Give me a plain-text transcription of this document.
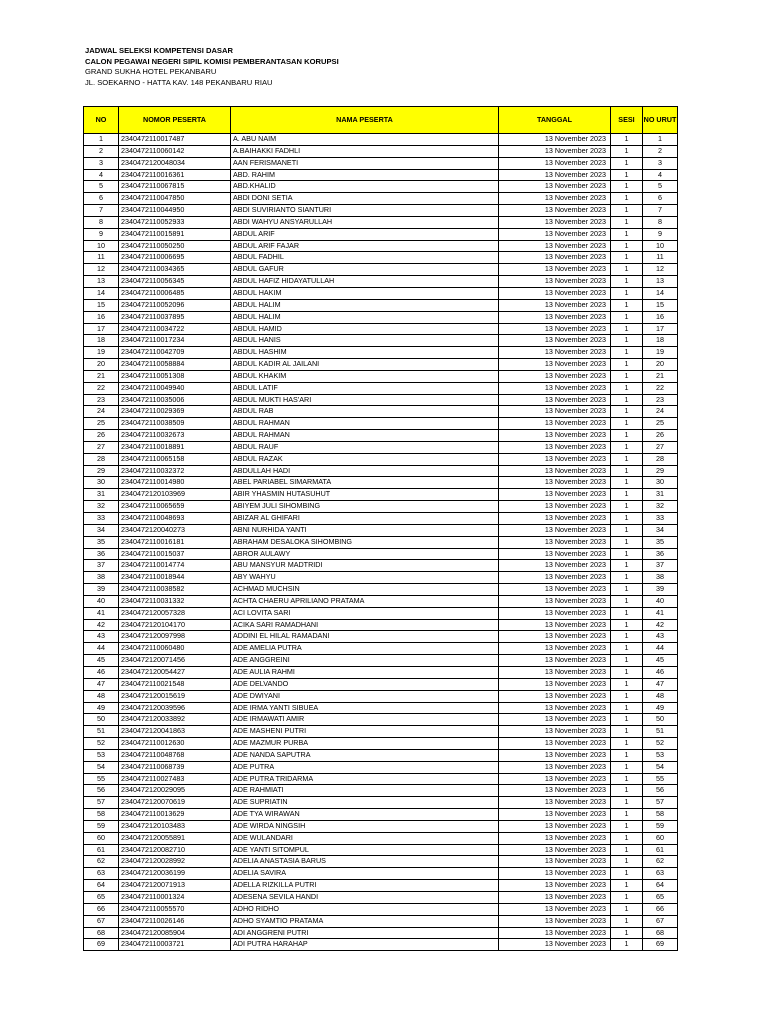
JADWAL SELEKSI KOMPETENSI DASAR
CALON PEGAWAI NEGERI SIPIL KOMISI PEMBERANTASAN KORUPSI
GRAND SUKHA HOTEL PEKANBARU
JL. SOEKARNO - HATTA KAV. 148 PEKANBARU RIAU
NO	NOMOR PESERTA	NAMA PESERTA	TANGGAL	SESI	NO URUT
1	2340472110017487	A. ABU NAIM	13 November 2023	1	1
2	2340472110060142	A.BAIHAKKI FADHLI	13 November 2023	1	2
3	2340472120048034	AAN FERISMANETI	13 November 2023	1	3
4	2340472110016361	ABD. RAHIM	13 November 2023	1	4
5	2340472110067815	ABD.KHALID	13 November 2023	1	5
6	2340472110047850	ABDI DONI SETIA	13 November 2023	1	6
7	2340472110044950	ABDI SUVIRIANTO SIANTURI	13 November 2023	1	7
8	2340472110052933	ABDI WAHYU ANSYARULLAH	13 November 2023	1	8
9	2340472110015891	ABDUL ARIF	13 November 2023	1	9
10	2340472110050250	ABDUL ARIF FAJAR	13 November 2023	1	10
11	2340472110006695	ABDUL FADHIL	13 November 2023	1	11
12	2340472110034365	ABDUL GAFUR	13 November 2023	1	12
13	2340472110056345	ABDUL HAFIZ HIDAYATULLAH	13 November 2023	1	13
14	2340472110006485	ABDUL HAKIM	13 November 2023	1	14
15	2340472110052096	ABDUL HALIM	13 November 2023	1	15
16	2340472110037895	ABDUL HALIM	13 November 2023	1	16
17	2340472110034722	ABDUL HAMID	13 November 2023	1	17
18	2340472110017234	ABDUL HANIS	13 November 2023	1	18
19	2340472110042709	ABDUL HASHIM	13 November 2023	1	19
20	2340472110058884	ABDUL KADIR AL JAILANI	13 November 2023	1	20
21	2340472110051308	ABDUL KHAKIM	13 November 2023	1	21
22	2340472110049940	ABDUL LATIF	13 November 2023	1	22
23	2340472110035006	ABDUL MUKTI HAS'ARI	13 November 2023	1	23
24	2340472110029369	ABDUL RAB	13 November 2023	1	24
25	2340472110038509	ABDUL RAHMAN	13 November 2023	1	25
26	2340472110032673	ABDUL RAHMAN	13 November 2023	1	26
27	2340472110018891	ABDUL RAUF	13 November 2023	1	27
28	2340472110065158	ABDUL RAZAK	13 November 2023	1	28
29	2340472110032372	ABDULLAH HADI	13 November 2023	1	29
30	2340472110014980	ABEL PARIABEL SIMARMATA	13 November 2023	1	30
31	2340472120103969	ABIR YHASMIN HUTASUHUT	13 November 2023	1	31
32	2340472110065659	ABIYEM JULI SIHOMBING	13 November 2023	1	32
33	2340472110048693	ABIZAR AL GHIFARI	13 November 2023	1	33
34	2340472120040273	ABNI NURHIDA YANTI	13 November 2023	1	34
35	2340472110016181	ABRAHAM DESALOKA SIHOMBING	13 November 2023	1	35
36	2340472110015037	ABROR AULAWY	13 November 2023	1	36
37	2340472110014774	ABU MANSYUR MADTRIDI	13 November 2023	1	37
38	2340472110018944	ABY WAHYU	13 November 2023	1	38
39	2340472110038582	ACHMAD MUCHSIN	13 November 2023	1	39
40	2340472110031332	ACHTA CHAERU APRILIANO PRATAMA	13 November 2023	1	40
41	2340472120057328	ACI LOVITA SARI	13 November 2023	1	41
42	2340472120104170	ACIKA SARI RAMADHANI	13 November 2023	1	42
43	2340472120097998	ADDINI EL HILAL RAMADANI	13 November 2023	1	43
44	2340472110060480	ADE AMELIA PUTRA	13 November 2023	1	44
45	2340472120071456	ADE ANGGREINI	13 November 2023	1	45
46	2340472120054427	ADE AULIA RAHMI	13 November 2023	1	46
47	2340472110021548	ADE DELVANDO	13 November 2023	1	47
48	2340472120015619	ADE DWIYANI	13 November 2023	1	48
49	2340472120039596	ADE IRMA YANTI SIBUEA	13 November 2023	1	49
50	2340472120033892	ADE IRMAWATI AMIR	13 November 2023	1	50
51	2340472120041863	ADE MASHENI PUTRI	13 November 2023	1	51
52	2340472110012630	ADE MAZMUR PURBA	13 November 2023	1	52
53	2340472110048768	ADE NANDA SAPUTRA	13 November 2023	1	53
54	2340472110068739	ADE PUTRA	13 November 2023	1	54
55	2340472110027483	ADE PUTRA TRIDARMA	13 November 2023	1	55
56	2340472120029095	ADE RAHMIATI	13 November 2023	1	56
57	2340472120070619	ADE SUPRIATIN	13 November 2023	1	57
58	2340472110013629	ADE TYA WIRAWAN	13 November 2023	1	58
59	2340472120103483	ADE WIRDA NINGSIH	13 November 2023	1	59
60	2340472120055891	ADE WULANDARI	13 November 2023	1	60
61	2340472120082710	ADE YANTI SITOMPUL	13 November 2023	1	61
62	2340472120028992	ADELIA ANASTASIA BARUS	13 November 2023	1	62
63	2340472120036199	ADELIA SAVIRA	13 November 2023	1	63
64	2340472120071913	ADELLA RIZKILLA PUTRI	13 November 2023	1	64
65	2340472110001324	ADESENA SEVILA HANDI	13 November 2023	1	65
66	2340472110055570	ADHO RIDHO	13 November 2023	1	66
67	2340472110026146	ADHO SYAMTIO PRATAMA	13 November 2023	1	67
68	2340472120085904	ADI ANGGRENI PUTRI	13 November 2023	1	68
69	2340472110003721	ADI PUTRA HARAHAP	13 November 2023	1	69
